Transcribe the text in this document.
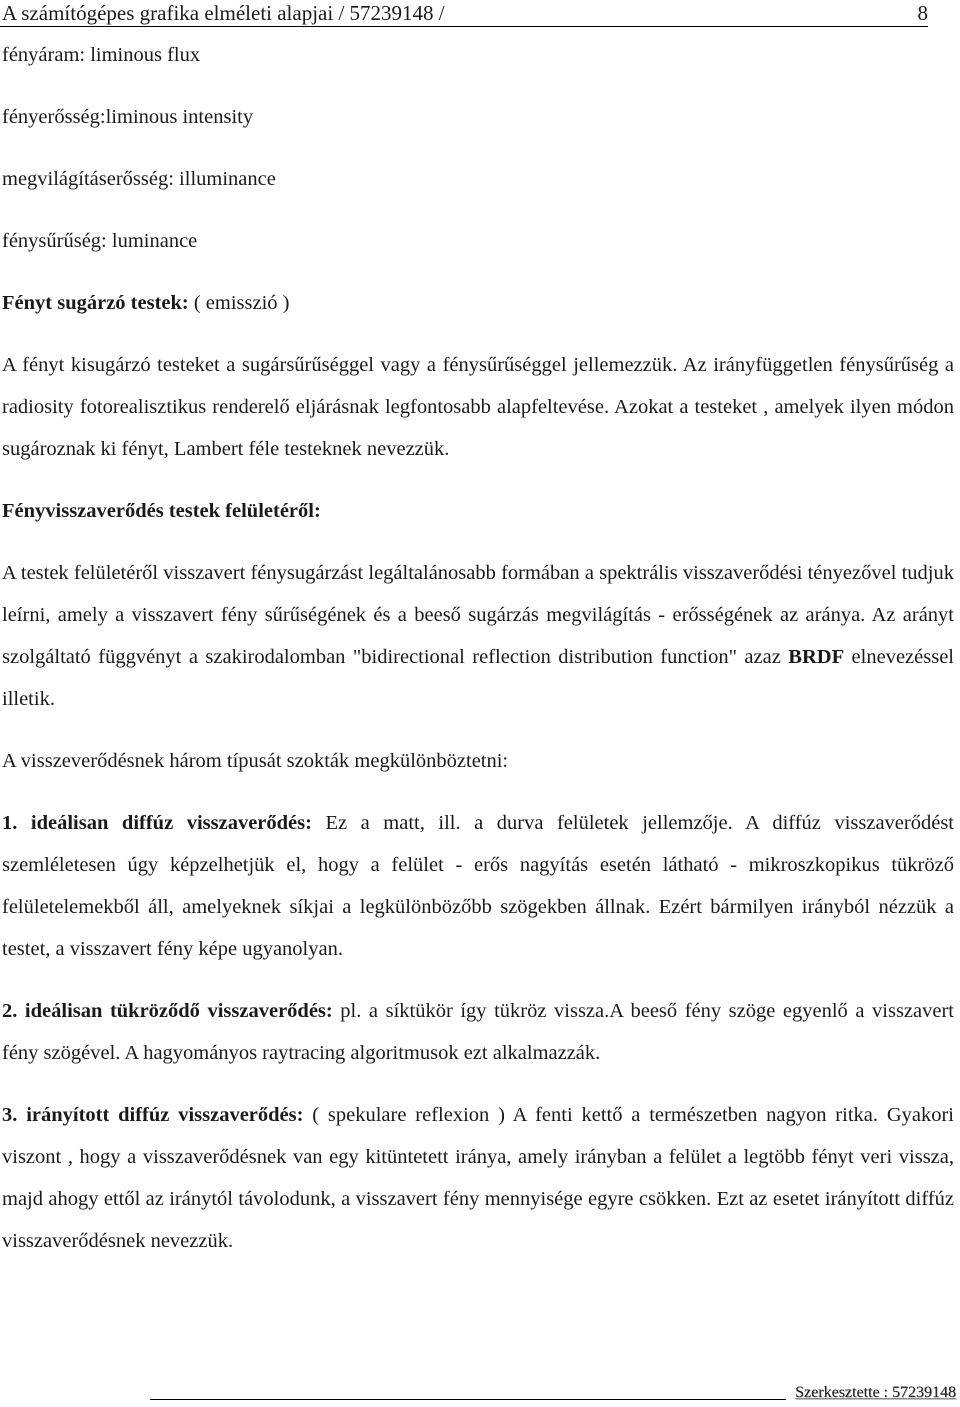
A számítógépes grafika elméleti alapjai / 57239148 /	8
fényáram: liminous flux
fényerősség:liminous intensity
megvilágításerősség: illuminance
fénysűrűség: luminance
Fényt sugárzó testek: ( emisszió )

A fényt kisugárzó testeket a sugársűrűséggel vagy a fénysűrűséggel jellemezzük. Az irányfüggetlen fénysűrűség a radiosity fotorealisztikus renderelő eljárásnak legfontosabb alapfeltevése. Azokat a testeket , amelyek ilyen módon sugároznak ki fényt, Lambert féle testeknek nevezzük.

Fényvisszaverődés testek felületéről:

A testek felületéről visszavert fénysugárzást legáltalánosabb formában a spektrális visszaverődési tényezővel tudjuk leírni, amely a visszavert fény sűrűségének és a beeső sugárzás megvilágítás - erősségének az aránya. Az arányt szolgáltató függvényt a szakirodalomban "bidirectional reflection distribution function" azaz BRDF elnevezéssel illetik.

A visszeverődésnek három típusát szokták megkülönböztetni:

1. ideálisan diffúz visszaverődés: Ez a matt, ill. a durva felületek jellemzője. A diffúz visszaverődést szemléletesen úgy képzelhetjük el, hogy a felület - erős nagyítás esetén látható - mikroszkopikus tükröző felületelemekből áll, amelyeknek síkjai a legkülönbözőbb szögekben állnak. Ezért bármilyen irányból nézzük a testet, a visszavert fény képe ugyanolyan.

2. ideálisan tükröződő visszaverődés: pl. a síktükör így tükröz vissza.A beeső fény szöge egyenlő a visszavert fény szögével. A hagyományos raytracing algoritmusok ezt alkalmazzák.

3. irányított diffúz visszaverődés: ( spekulare reflexion ) A fenti kettő a természetben nagyon ritka. Gyakori viszont , hogy a visszaverődésnek van egy kitüntetett iránya, amely irányban a felület a legtöbb fényt veri vissza, majd ahogy ettől az iránytól távolodunk, a visszavert fény mennyisége egyre csökken. Ezt az esetet irányított diffúz visszaverődésnek nevezzük.

Szerkesztette : 57239148
